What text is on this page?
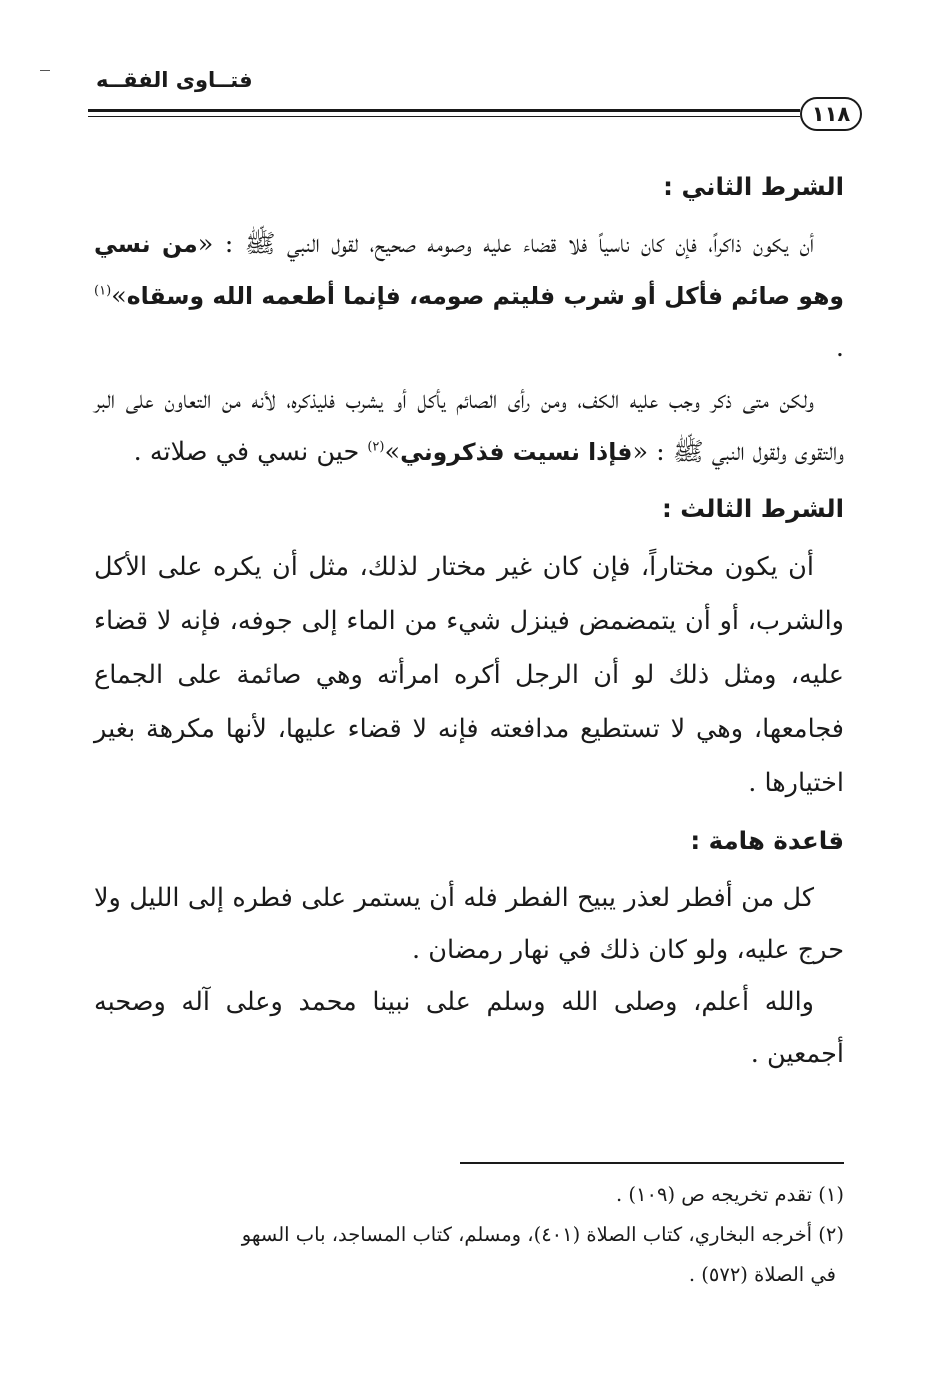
فتــاوى الفقــه
١١٨
الشرط الثاني :

أن يكون ذاكراً، فإن كان ناسياً فلا قضاء عليه وصومه صحيح، لقول النبي ﷺ : «من نسي وهو صائم فأكل أو شرب فليتم صومه، فإنما أطعمه الله وسقاه»$^{(١)}$ .

ولكن متى ذكر وجب عليه الكف، ومن رأى الصائم يأكل أو يشرب فليذكره، لأنه من التعاون على البر والتقوى ولقول النبي ﷺ : «فإذا نسيت فذكروني»$^{(٢)}$ حين نسي في صلاته .

الشرط الثالث :

أن يكون مختاراً، فإن كان غير مختار لذلك، مثل أن يكره على الأكل والشرب، أو أن يتمضمض فينزل شيء من الماء إلى جوفه، فإنه لا قضاء عليه، ومثل ذلك لو أن الرجل أكره امرأته وهي صائمة على الجماع فجامعها، وهي لا تستطيع مدافعته فإنه لا قضاء عليها، لأنها مكرهة بغير اختيارها .

قاعدة هامة :

كل من أفطر لعذر يبيح الفطر فله أن يستمر على فطره إلى الليل ولا حرج عليه، ولو كان ذلك في نهار رمضان .

والله أعلم، وصلى الله وسلم على نبينا محمد وعلى آله وصحبه أجمعين .

(١) تقدم تخريجه ص (١٠٩) .

(٢) أخرجه البخاري، كتاب الصلاة (٤٠١)، ومسلم، كتاب المساجد، باب السهو

في الصلاة (٥٧٢) .
